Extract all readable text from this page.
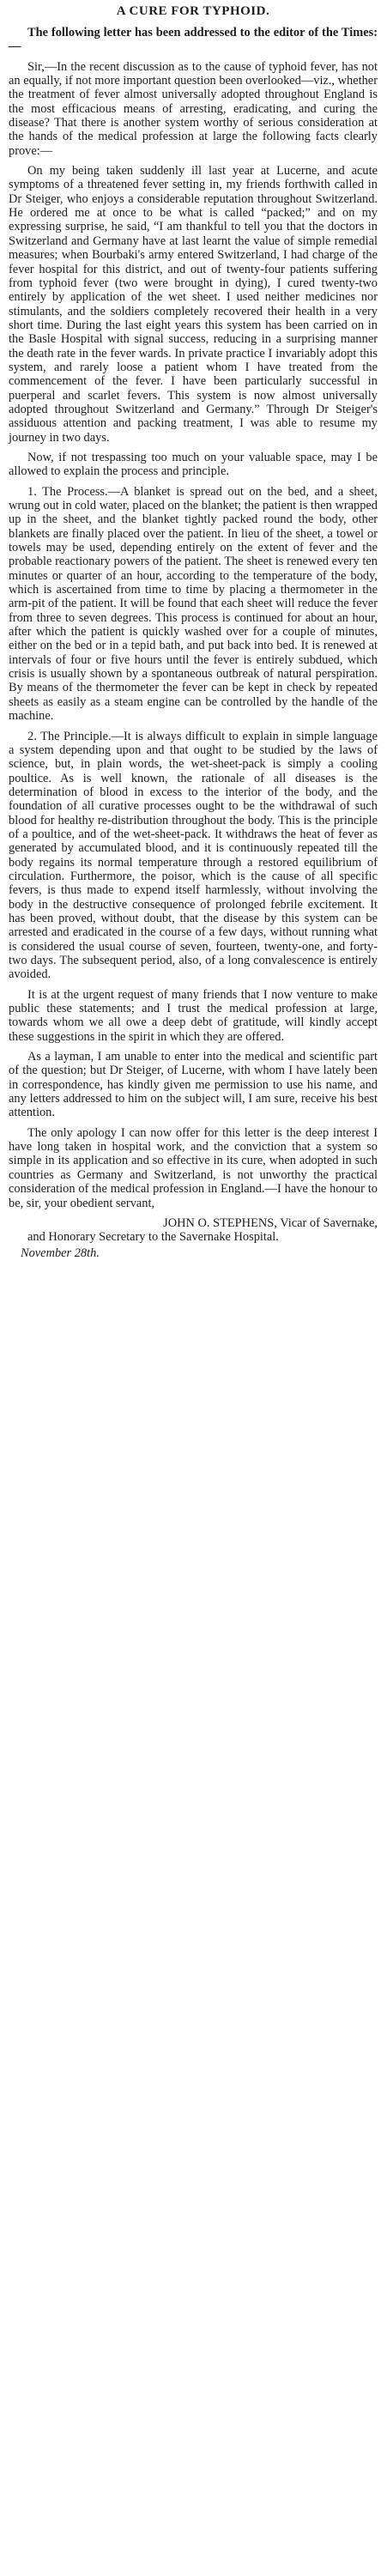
A CURE FOR TYPHOID.

The following letter has been addressed to the editor of the Times:—

Sir,—In the recent discussion as to the cause of typhoid fever, has not an equally, if not more important question been overlooked—viz., whether the treatment of fever almost universally adopted throughout England is the most efficacious means of arresting, eradicating, and curing the disease? That there is another system worthy of serious consideration at the hands of the medical profession at large the following facts clearly prove:—

On my being taken suddenly ill last year at Lucerne, and acute symptoms of a threatened fever setting in, my friends forthwith called in Dr Steiger, who enjoys a considerable reputation throughout Switzerland. He ordered me at once to be what is called “packed;” and on my expressing surprise, he said, “I am thankful to tell you that the doctors in Switzerland and Germany have at last learnt the value of simple remedial measures; when Bourbaki's army entered Switzerland, I had charge of the fever hospital for this district, and out of twenty-four patients suffering from typhoid fever (two were brought in dying), I cured twenty-two entirely by application of the wet sheet. I used neither medicines nor stimulants, and the soldiers completely recovered their health in a very short time. During the last eight years this system has been carried on in the Basle Hospital with signal success, reducing in a surprising manner the death rate in the fever wards. In private practice I invariably adopt this system, and rarely loose a patient whom I have treated from the commencement of the fever. I have been particularly successful in puerperal and scarlet fevers. This system is now almost universally adopted throughout Switzerland and Germany.” Through Dr Steiger's assiduous attention and packing treatment, I was able to resume my journey in two days.

Now, if not trespassing too much on your valuable space, may I be allowed to explain the process and principle.

1. The Process.—A blanket is spread out on the bed, and a sheet, wrung out in cold water, placed on the blanket; the patient is then wrapped up in the sheet, and the blanket tightly packed round the body, other blankets are finally placed over the patient. In lieu of the sheet, a towel or towels may be used, depending entirely on the extent of fever and the probable reactionary powers of the patient. The sheet is renewed every ten minutes or quarter of an hour, according to the temperature of the body, which is ascertained from time to time by placing a thermometer in the arm-pit of the patient. It will be found that each sheet will reduce the fever from three to seven degrees. This process is continued for about an hour, after which the patient is quickly washed over for a couple of minutes, either on the bed or in a tepid bath, and put back into bed. It is renewed at intervals of four or five hours until the fever is entirely subdued, which crisis is usually shown by a spontaneous outbreak of natural perspiration. By means of the thermometer the fever can be kept in check by repeated sheets as easily as a steam engine can be controlled by the handle of the machine.

2. The Principle.—It is always difficult to explain in simple language a system depending upon and that ought to be studied by the laws of science, but, in plain words, the wet-sheet-pack is simply a cooling poultice. As is well known, the rationale of all diseases is the determination of blood in excess to the interior of the body, and the foundation of all curative processes ought to be the withdrawal of such blood for healthy re-distribution throughout the body. This is the principle of a poultice, and of the wet-sheet-pack. It withdraws the heat of fever as generated by accumulated blood, and it is continuously repeated till the body regains its normal temperature through a restored equilibrium of circulation. Furthermore, the poisor, which is the cause of all specific fevers, is thus made to expend itself harmlessly, without involving the body in the destructive consequence of prolonged febrile excitement. It has been proved, without doubt, that the disease by this system can be arrested and eradicated in the course of a few days, without running what is considered the usual course of seven, fourteen, twenty-one, and forty-two days. The subsequent period, also, of a long convalescence is entirely avoided.

It is at the urgent request of many friends that I now venture to make public these statements; and I trust the medical profession at large, towards whom we all owe a deep debt of gratitude, will kindly accept these suggestions in the spirit in which they are offered.

As a layman, I am unable to enter into the medical and scientific part of the question; but Dr Steiger, of Lucerne, with whom I have lately been in correspondence, has kindly given me permission to use his name, and any letters addressed to him on the subject will, I am sure, receive his best attention.

The only apology I can now offer for this letter is the deep interest I have long taken in hospital work, and the conviction that a system so simple in its application and so effective in its cure, when adopted in such countries as Germany and Switzerland, is not unworthy the practical consideration of the medical profession in England.—I have the honour to be, sir, your obedient servant,

JOHN O. STEPHENS, Vicar of Savernake,

and Honorary Secretary to the Savernake Hospital.

November 28th.
